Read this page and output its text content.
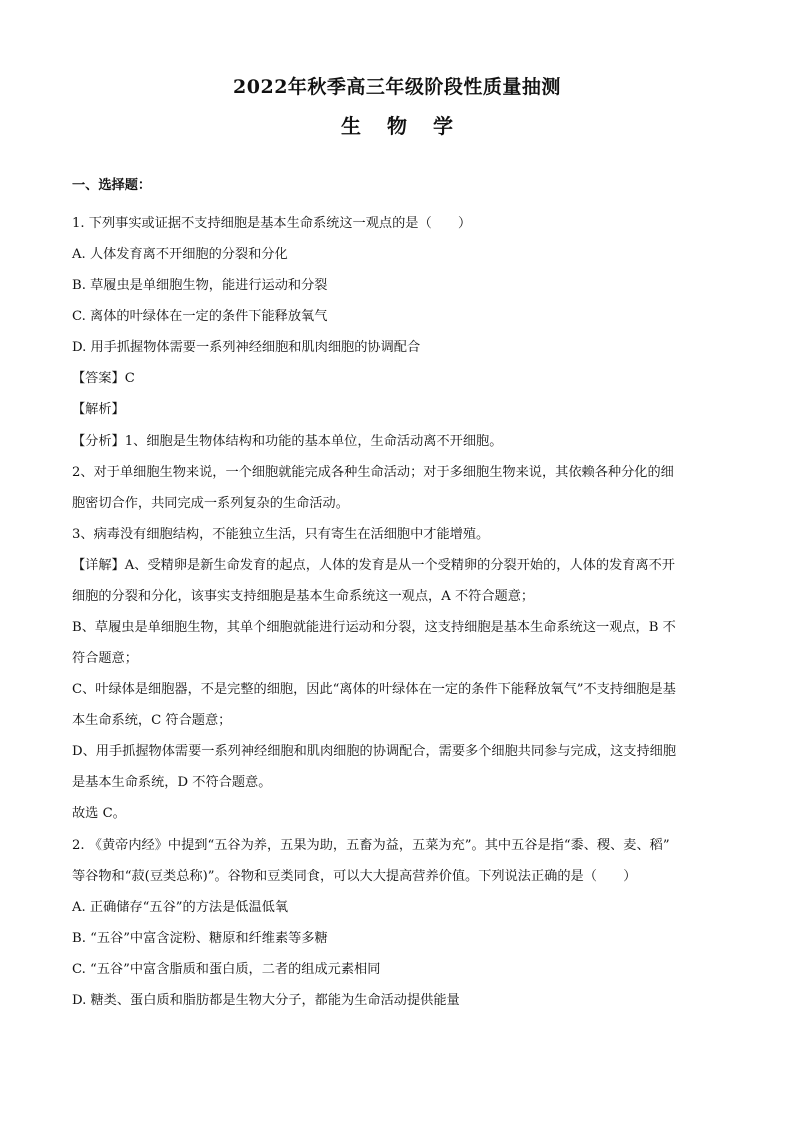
2022年秋季高三年级阶段性质量抽测
生物学

一、选择题：

1. 下列事实或证据不支持细胞是基本生命系统这一观点的是（　　）

A. 人体发育离不开细胞的分裂和分化

B. 草履虫是单细胞生物，能进行运动和分裂

C. 离体的叶绿体在一定的条件下能释放氧气

D. 用手抓握物体需要一系列神经细胞和肌肉细胞的协调配合

【答案】C

【解析】

【分析】1、细胞是生物体结构和功能的基本单位，生命活动离不开细胞。

2、对于单细胞生物来说，一个细胞就能完成各种生命活动；对于多细胞生物来说，其依赖各种分化的细

胞密切合作，共同完成一系列复杂的生命活动。

3、病毒没有细胞结构，不能独立生活，只有寄生在活细胞中才能增殖。

【详解】A、受精卵是新生命发育的起点，人体的发育是从一个受精卵的分裂开始的，人体的发育离不开

细胞的分裂和分化，该事实支持细胞是基本生命系统这一观点，A 不符合题意；

B、草履虫是单细胞生物，其单个细胞就能进行运动和分裂，这支持细胞是基本生命系统这一观点，B 不

符合题意；

C、叶绿体是细胞器，不是完整的细胞，因此“离体的叶绿体在一定的条件下能释放氧气”不支持细胞是基

本生命系统，C 符合题意；

D、用手抓握物体需要一系列神经细胞和肌肉细胞的协调配合，需要多个细胞共同参与完成，这支持细胞

是基本生命系统，D 不符合题意。

故选 C。

2. 《黄帝内经》中提到“五谷为养，五果为助，五畜为益，五菜为充”。其中五谷是指“黍、稷、麦、稻”

等谷物和“菽(豆类总称)”。谷物和豆类同食，可以大大提高营养价值。下列说法正确的是（　　）

A. 正确储存“五谷”的方法是低温低氧

B. “五谷”中富含淀粉、糖原和纤维素等多糖

C. “五谷”中富含脂质和蛋白质，二者的组成元素相同

D. 糖类、蛋白质和脂肪都是生物大分子，都能为生命活动提供能量
